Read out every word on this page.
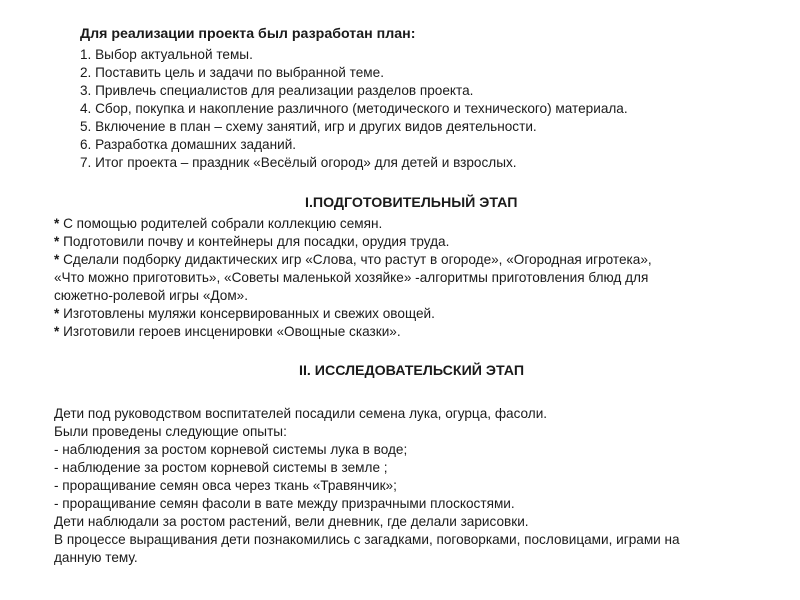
Для реализации проекта был разработан план:
1. Выбор актуальной темы.
2. Поставить цель и задачи по выбранной теме.
3. Привлечь специалистов для реализации разделов проекта.
4. Сбор, покупка и накопление различного (методического и технического) материала.
5. Включение в план – схему занятий, игр и других видов деятельности.
6. Разработка домашних заданий.
7. Итог проекта – праздник «Весёлый огород» для детей и взрослых.
I.ПОДГОТОВИТЕЛЬНЫЙ ЭТАП
* С помощью родителей собрали коллекцию семян.
* Подготовили почву и контейнеры для посадки, орудия труда.
* Сделали подборку дидактических игр «Слова, что растут в огороде», «Огородная игротека»,
«Что можно приготовить», «Советы маленькой хозяйке» -алгоритмы приготовления блюд для
сюжетно-ролевой игры «Дом».
* Изготовлены муляжи консервированных и свежих овощей.
* Изготовили героев инсценировки «Овощные сказки».
II. ИССЛЕДОВАТЕЛЬСКИЙ ЭТАП
Дети под руководством воспитателей посадили семена лука, огурца, фасоли.
Были проведены следующие опыты:
- наблюдения за ростом корневой системы лука в воде;
- наблюдение за ростом корневой системы в земле ;
- проращивание семян овса через ткань «Травянчик»;
- проращивание семян фасоли в вате между призрачными плоскостями.
Дети наблюдали за ростом растений, вели дневник, где делали зарисовки.
В процессе выращивания дети познакомились с загадками, поговорками, пословицами, играми на
данную тему.
